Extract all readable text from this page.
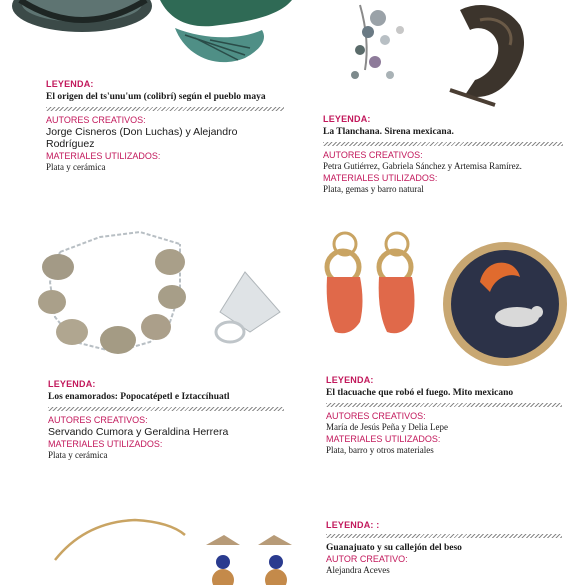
LEYENDA:
El origen del ts'unu'um (colibrí) según el pueblo maya
AUTORES CREATIVOS:
Jorge Cisneros (Don Luchas) y Alejandro Rodríguez
MATERIALES UTILIZADOS:
Plata y cerámica
LEYENDA:
La Tlanchana. Sirena mexicana.
AUTORES CREATIVOS:
Petra Gutiérrez, Gabriela Sánchez y Artemisa Ramírez.
MATERIALES UTILIZADOS:
Plata, gemas y barro natural
LEYENDA:
Los enamorados: Popocatépetl e Iztaccíhuatl
AUTORES CREATIVOS:
Servando Cumora y Geraldina Herrera
MATERIALES UTILIZADOS:
Plata y cerámica
LEYENDA:
El tlacuache que robó el fuego. Mito mexicano
AUTORES CREATIVOS:
María de Jesús Peña y Delia Lepe
MATERIALES UTILIZADOS:
Plata, barro y otros materiales
LEYENDA: :
Guanajuato y su callejón del beso
AUTOR CREATIVO:
Alejandra Aceves
